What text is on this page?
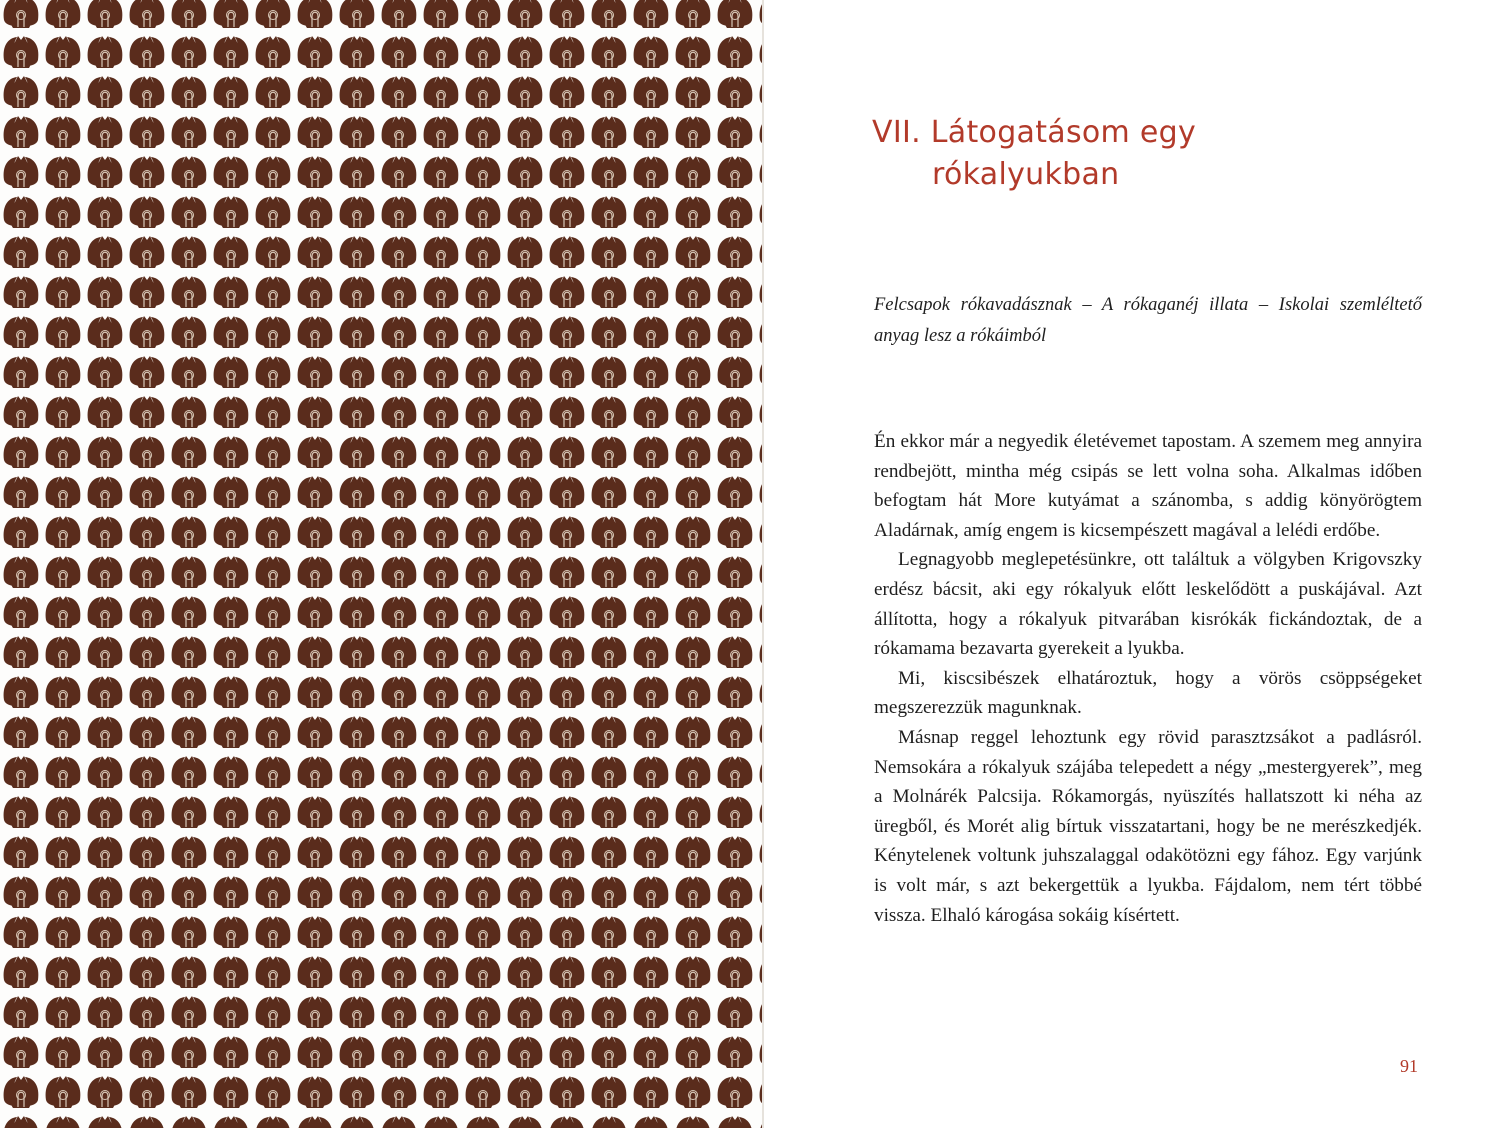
VII. Látogatásom egy
rókalyukban

Felcsapok rókavadásznak – A rókaganéj illata – Iskolai szemléltető anyag lesz a rókáimból

Én ekkor már a negyedik életévemet tapostam. A szemem meg annyira rendbejött, mintha még csipás se lett volna soha. Alkalmas időben befogtam hát More kutyámat a szánomba, s addig könyörögtem Aladárnak, amíg engem is kicsempészett magával a lelédi erdőbe.

Legnagyobb meglepetésünkre, ott találtuk a völgyben Krigovszky erdész bácsit, aki egy rókalyuk előtt leskelődött a puskájával. Azt állította, hogy a rókalyuk pitvarában kisrókák fickándoztak, de a rókamama bezavarta gyerekeit a lyukba.

Mi, kiscsibészek elhatároztuk, hogy a vörös csöppségeket megszerezzük magunknak.

Másnap reggel lehoztunk egy rövid parasztzsákot a padlásról. Nemsokára a rókalyuk szájába telepedett a négy „mestergyerek”, meg a Molnárék Palcsija. Rókamorgás, nyüszítés hallatszott ki néha az üregből, és Morét alig bírtuk visszatartani, hogy be ne merészkedjék. Kénytelenek voltunk juhszalaggal odakötözni egy fához. Egy varjúnk is volt már, s azt bekergettük a lyukba. Fájdalom, nem tért többé vissza. Elhaló károgása sokáig kísértett.

91
